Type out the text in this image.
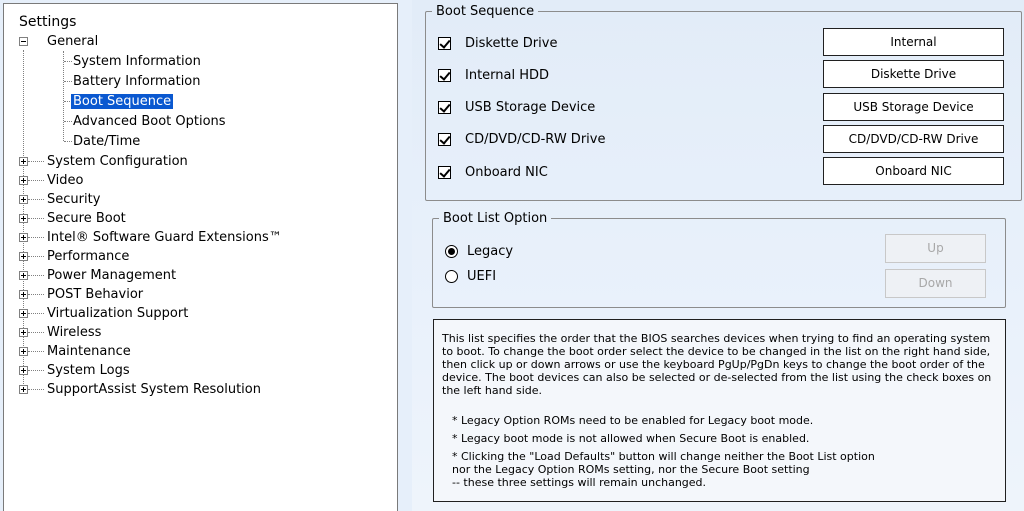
Settings
General
System Information
Battery Information
Boot Sequence
Advanced Boot Options
Date/Time
System Configuration
Video
Security
Secure Boot
Intel® Software Guard Extensions™
Performance
Power Management
POST Behavior
Virtualization Support
Wireless
Maintenance
System Logs
SupportAssist System Resolution
Boot Sequence
Diskette Drive
Internal HDD
USB Storage Device
CD/DVD/CD-RW Drive
Onboard NIC
Internal
Diskette Drive
USB Storage Device
CD/DVD/CD-RW Drive
Onboard NIC
Boot List Option
Legacy
UEFI
Up
Down
This list specifies the order that the BIOS searches devices when trying to find an operating system to boot. To change the boot order select the device to be changed in the list on the right hand side, then click up or down arrows or use the keyboard PgUp/PgDn keys to change the boot order of the device. The boot devices can also be selected or de-selected from the list using the check boxes on the left hand side.
* Legacy Option ROMs need to be enabled for Legacy boot mode.
* Legacy boot mode is not allowed when Secure Boot is enabled.
* Clicking the "Load Defaults" button will change neither the Boot List option
nor the Legacy Option ROMs setting, nor the Secure Boot setting
-- these three settings will remain unchanged.
